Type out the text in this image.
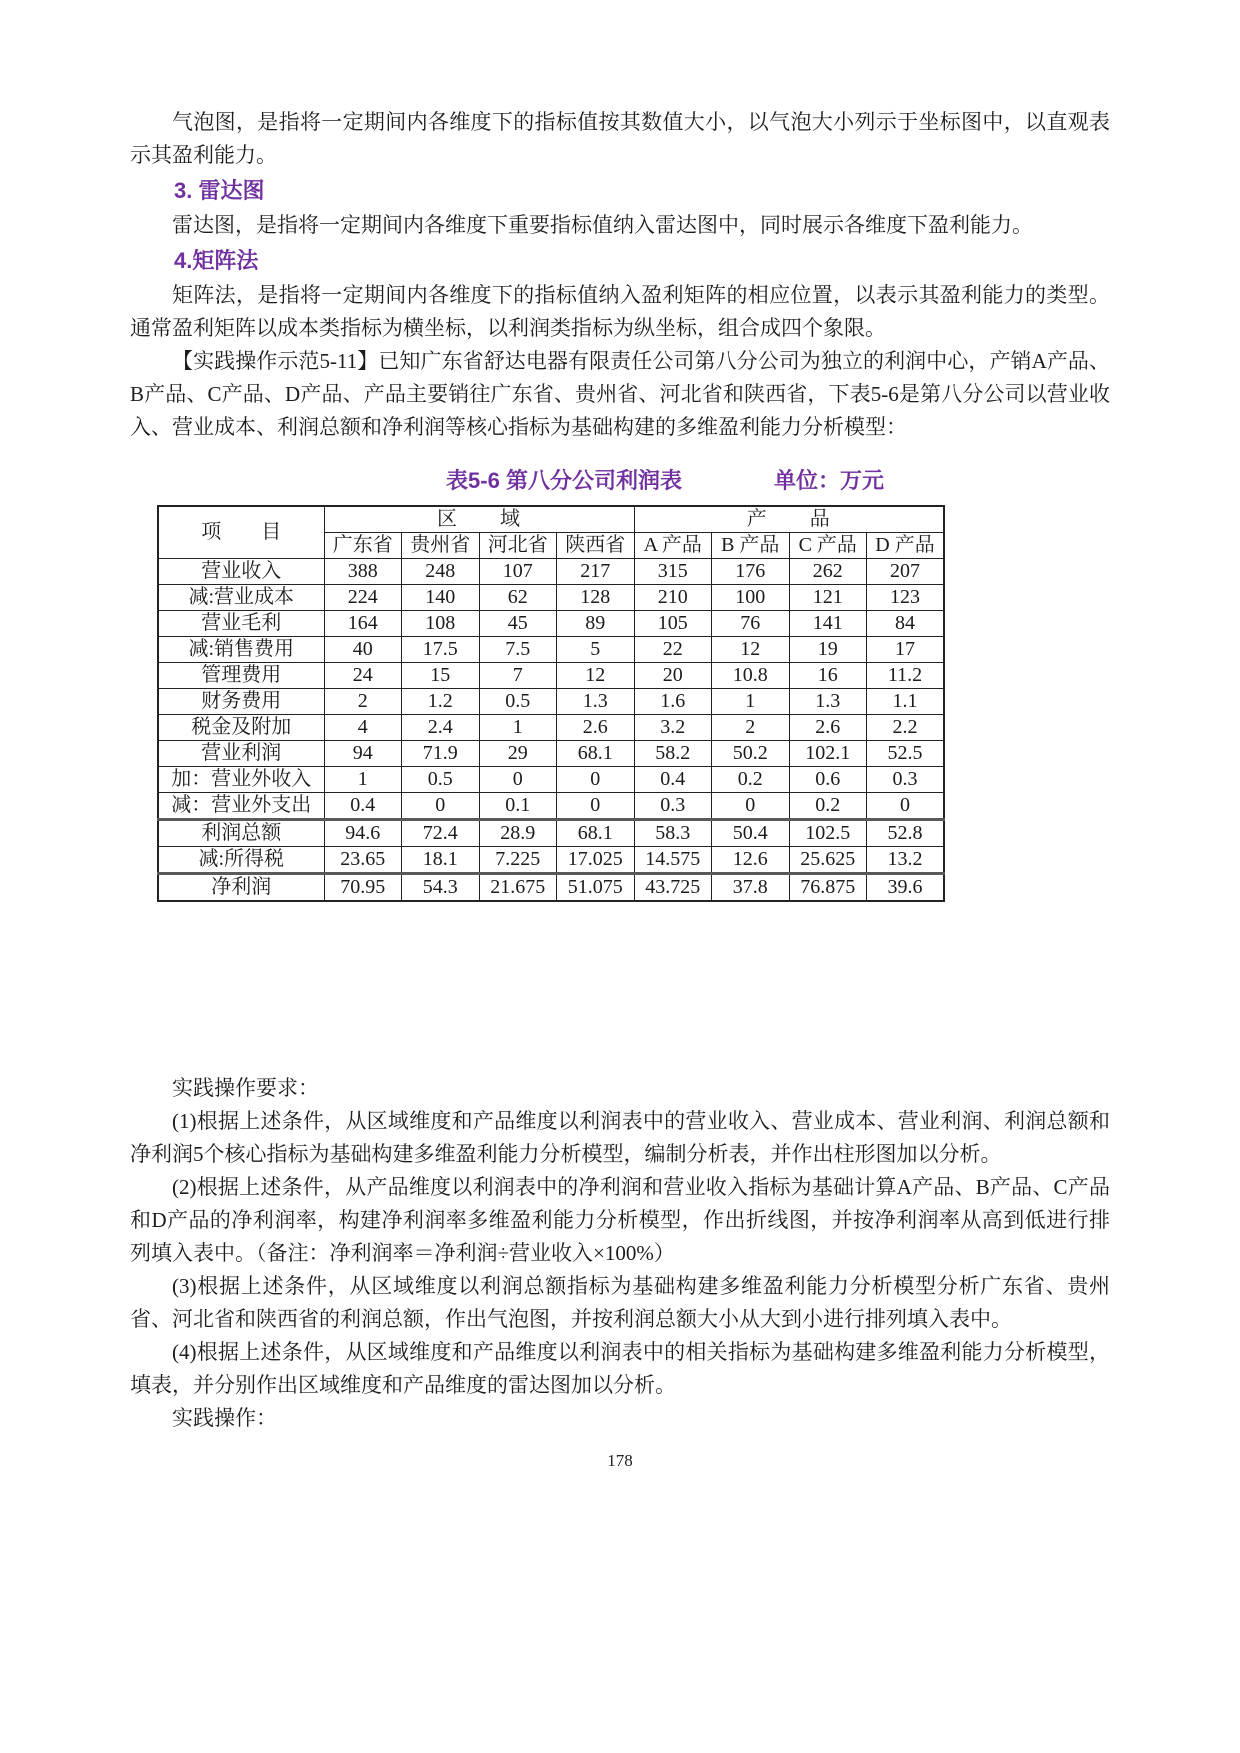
气泡图，是指将一定期间内各维度下的指标值按其数值大小，以气泡大小列示于坐标图中，以直观表示其盈利能力。

3. 雷达图

雷达图，是指将一定期间内各维度下重要指标值纳入雷达图中，同时展示各维度下盈利能力。

4.矩阵法

矩阵法，是指将一定期间内各维度下的指标值纳入盈利矩阵的相应位置，以表示其盈利能力的类型。通常盈利矩阵以成本类指标为横坐标，以利润类指标为纵坐标，组合成四个象限。

【实践操作示范5-11】已知广东省舒达电器有限责任公司第八分公司为独立的利润中心，产销A产品、B产品、C产品、D产品、产品主要销往广东省、贵州省、河北省和陕西省，下表5-6是第八分公司以营业收入、营业成本、利润总额和净利润等核心指标为基础构建的多维盈利能力分析模型：

表5-6 第八分公司利润表	单位：万元
项　　目	区　　域				产　　品			
	广东省	贵州省	河北省	陕西省	A 产品	B 产品	C 产品	D 产品
营业收入	388	248	107	217	315	176	262	207
减:营业成本	224	140	62	128	210	100	121	123
营业毛利	164	108	45	89	105	76	141	84
减:销售费用	40	17.5	7.5	5	22	12	19	17
管理费用	24	15	7	12	20	10.8	16	11.2
财务费用	2	1.2	0.5	1.3	1.6	1	1.3	1.1
税金及附加	4	2.4	1	2.6	3.2	2	2.6	2.2
营业利润	94	71.9	29	68.1	58.2	50.2	102.1	52.5
加：营业外收入	1	0.5	0	0	0.4	0.2	0.6	0.3
减：营业外支出	0.4	0	0.1	0	0.3	0	0.2	0
利润总额	94.6	72.4	28.9	68.1	58.3	50.4	102.5	52.8
减:所得税	23.65	18.1	7.225	17.025	14.575	12.6	25.625	13.2
净利润	70.95	54.3	21.675	51.075	43.725	37.8	76.875	39.6

实践操作要求：

(1)根据上述条件，从区域维度和产品维度以利润表中的营业收入、营业成本、营业利润、利润总额和净利润5个核心指标为基础构建多维盈利能力分析模型，编制分析表，并作出柱形图加以分析。

(2)根据上述条件，从产品维度以利润表中的净利润和营业收入指标为基础计算A产品、B产品、C产品和D产品的净利润率，构建净利润率多维盈利能力分析模型，作出折线图，并按净利润率从高到低进行排列填入表中。（备注：净利润率＝净利润÷营业收入×100%）

(3)根据上述条件，从区域维度以利润总额指标为基础构建多维盈利能力分析模型分析广东省、贵州省、河北省和陕西省的利润总额，作出气泡图，并按利润总额大小从大到小进行排列填入表中。

(4)根据上述条件，从区域维度和产品维度以利润表中的相关指标为基础构建多维盈利能力分析模型，填表，并分别作出区域维度和产品维度的雷达图加以分析。

实践操作：

178
